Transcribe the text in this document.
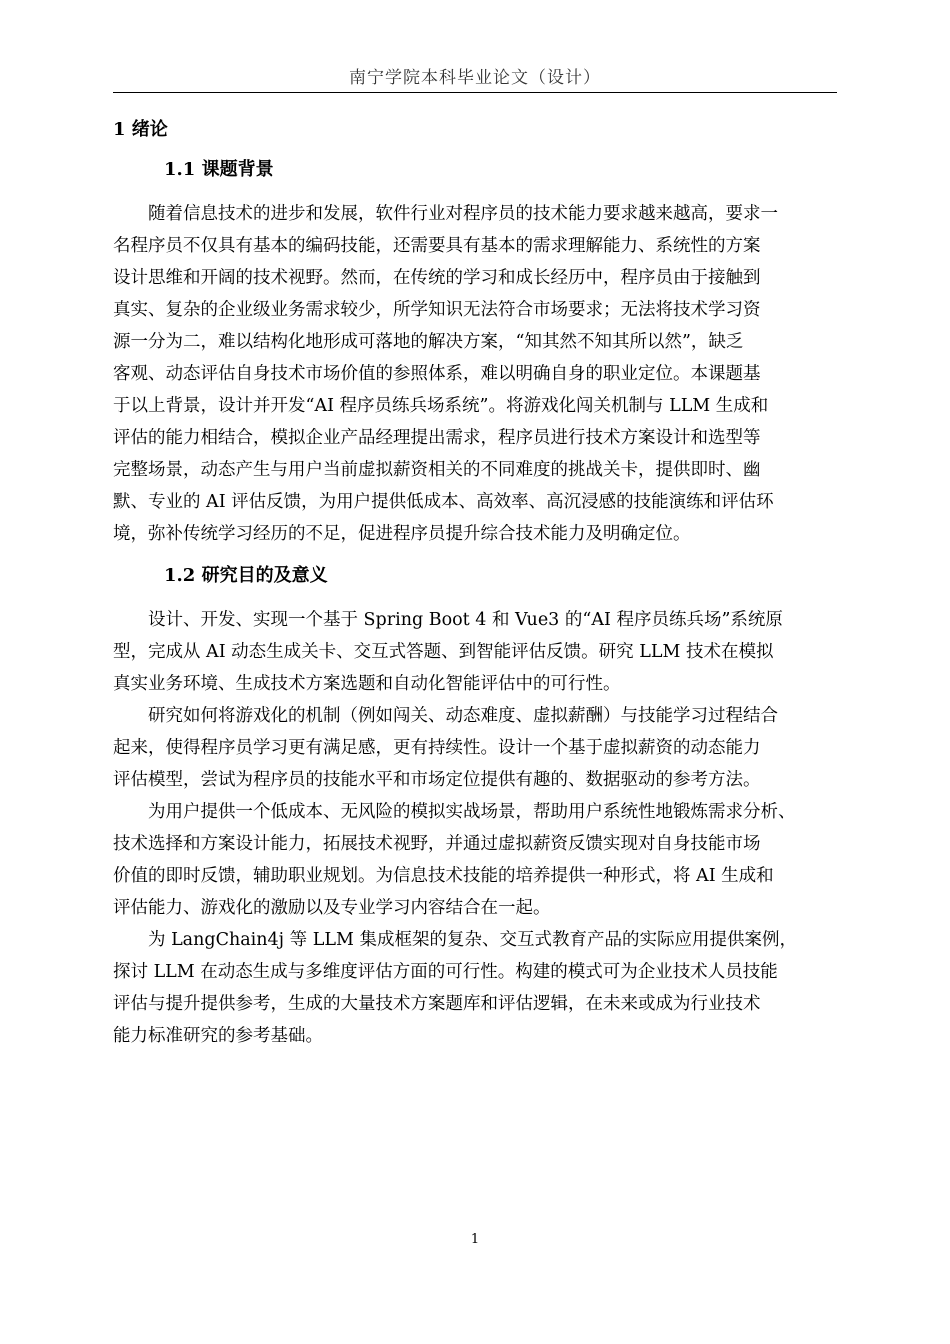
南宁学院本科毕业论文（设计）
1 绪论
1.1 课题背景
随着信息技术的进步和发展，软件行业对程序员的技术能力要求越来越高，要求一
名程序员不仅具有基本的编码技能，还需要具有基本的需求理解能力、系统性的方案
设计思维和开阔的技术视野。然而，在传统的学习和成长经历中，程序员由于接触到
真实、复杂的企业级业务需求较少，所学知识无法符合市场要求；无法将技术学习资
源一分为二，难以结构化地形成可落地的解决方案，“知其然不知其所以然”，缺乏
客观、动态评估自身技术市场价值的参照体系，难以明确自身的职业定位。本课题基
于以上背景，设计并开发“AI 程序员练兵场系统”。将游戏化闯关机制与 LLM 生成和
评估的能力相结合，模拟企业产品经理提出需求，程序员进行技术方案设计和选型等
完整场景，动态产生与用户当前虚拟薪资相关的不同难度的挑战关卡，提供即时、幽
默、专业的 AI 评估反馈，为用户提供低成本、高效率、高沉浸感的技能演练和评估环
境，弥补传统学习经历的不足，促进程序员提升综合技术能力及明确定位。
1.2 研究目的及意义
设计、开发、实现一个基于 Spring Boot 4 和 Vue3 的“AI 程序员练兵场”系统原
型，完成从 AI 动态生成关卡、交互式答题、到智能评估反馈。研究 LLM 技术在模拟
真实业务环境、生成技术方案选题和自动化智能评估中的可行性。
研究如何将游戏化的机制（例如闯关、动态难度、虚拟薪酬）与技能学习过程结合
起来，使得程序员学习更有满足感，更有持续性。设计一个基于虚拟薪资的动态能力
评估模型，尝试为程序员的技能水平和市场定位提供有趣的、数据驱动的参考方法。
为用户提供一个低成本、无风险的模拟实战场景，帮助用户系统性地锻炼需求分析、
技术选择和方案设计能力，拓展技术视野，并通过虚拟薪资反馈实现对自身技能市场
价值的即时反馈，辅助职业规划。为信息技术技能的培养提供一种形式，将 AI 生成和
评估能力、游戏化的激励以及专业学习内容结合在一起。
为 LangChain4j 等 LLM 集成框架的复杂、交互式教育产品的实际应用提供案例，
探讨 LLM 在动态生成与多维度评估方面的可行性。构建的模式可为企业技术人员技能
评估与提升提供参考，生成的大量技术方案题库和评估逻辑，在未来或成为行业技术
能力标准研究的参考基础。
1
